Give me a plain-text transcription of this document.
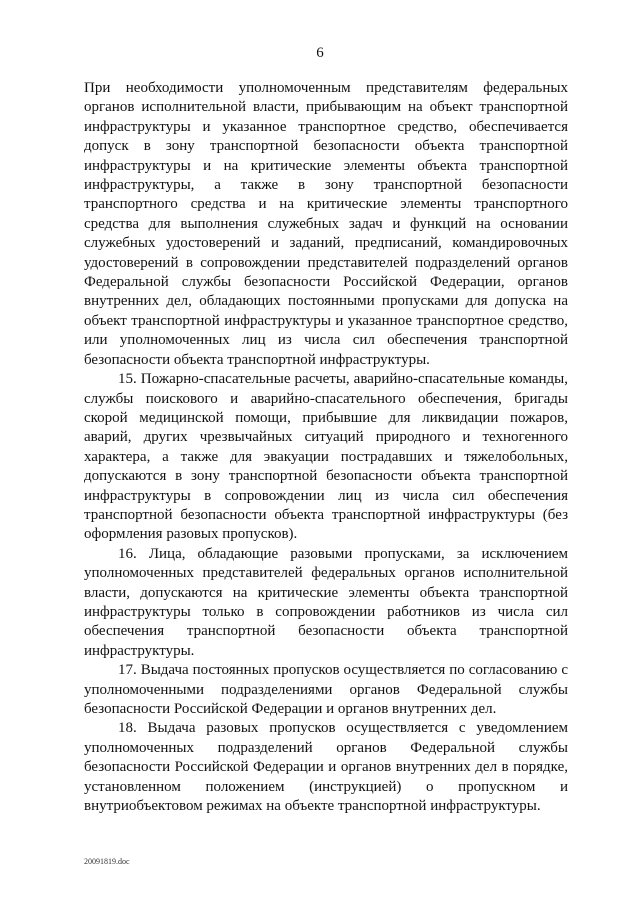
6

При необходимости уполномоченным представителям федеральных органов исполнительной власти, прибывающим на объект транспортной инфраструктуры и указанное транспортное средство, обеспечивается допуск в зону транспортной безопасности объекта транспортной инфраструктуры и на критические элементы объекта транспортной инфраструктуры, а также в зону транспортной безопасности транспортного средства и на критические элементы транспортного средства для выполнения служебных задач и функций на основании служебных удостоверений и заданий, предписаний, командировочных удостоверений в сопровождении представителей подразделений органов Федеральной службы безопасности Российской Федерации, органов внутренних дел, обладающих постоянными пропусками для допуска на объект транспортной инфраструктуры и указанное транспортное средство, или уполномоченных лиц из числа сил обеспечения транспортной безопасности объекта транспортной инфраструктуры.

15. Пожарно-спасательные расчеты, аварийно-спасательные команды, службы поискового и аварийно-спасательного обеспечения, бригады скорой медицинской помощи, прибывшие для ликвидации пожаров, аварий, других чрезвычайных ситуаций природного и техногенного характера, а также для эвакуации пострадавших и тяжелобольных, допускаются в зону транспортной безопасности объекта транспортной инфраструктуры в сопровождении лиц из числа сил обеспечения транспортной безопасности объекта транспортной инфраструктуры (без оформления разовых пропусков).

16. Лица, обладающие разовыми пропусками, за исключением уполномоченных представителей федеральных органов исполнительной власти, допускаются на критические элементы объекта транспортной инфраструктуры только в сопровождении работников из числа сил обеспечения транспортной безопасности объекта транспортной инфраструктуры.

17. Выдача постоянных пропусков осуществляется по согласованию с уполномоченными подразделениями органов Федеральной службы безопасности Российской Федерации и органов внутренних дел.

18. Выдача разовых пропусков осуществляется с уведомлением уполномоченных подразделений органов Федеральной службы безопасности Российской Федерации и органов внутренних дел в порядке, установленном положением (инструкцией) о пропускном и внутриобъектовом режимах на объекте транспортной инфраструктуры.

20091819.doc
